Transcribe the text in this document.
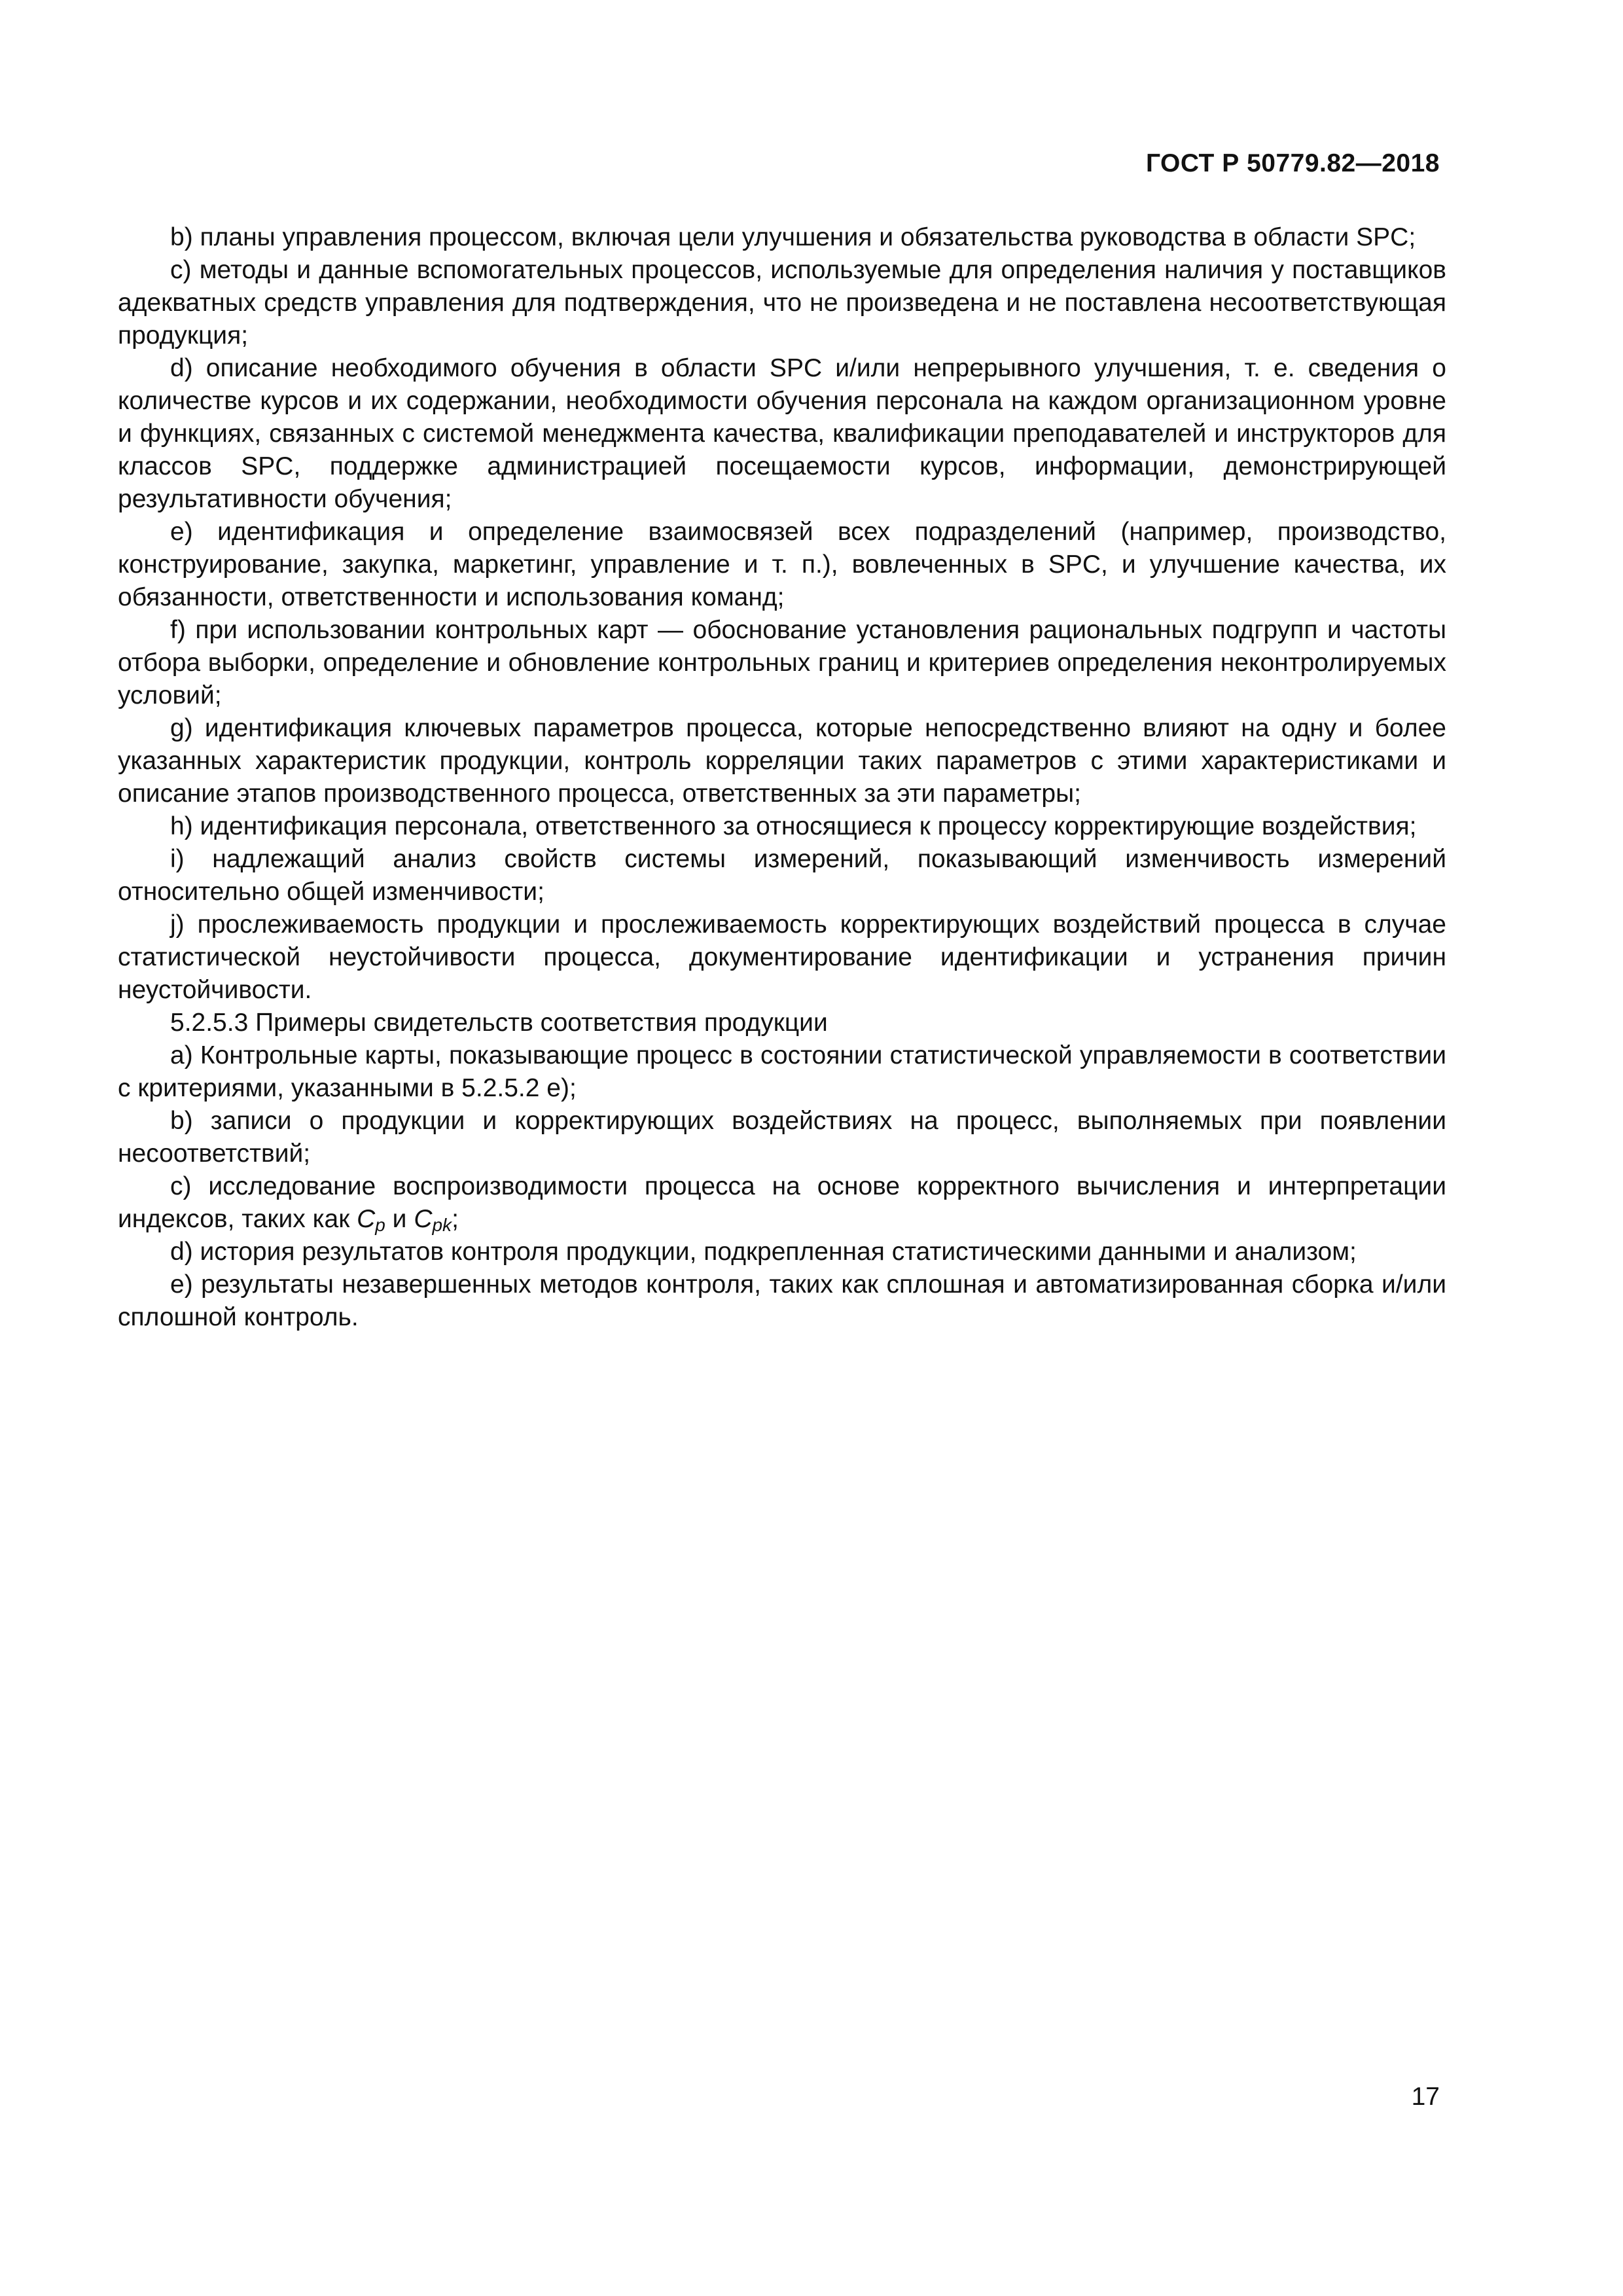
ГОСТ Р 50779.82—2018

b) планы управления процессом, включая цели улучшения и обязательства руководства в области SPC;

c) методы и данные вспомогательных процессов, используемые для определения наличия у поставщиков адекватных средств управления для подтверждения, что не произведена и не поставлена несоответствующая продукция;

d) описание необходимого обучения в области SPC и/или непрерывного улучшения, т. е. сведения о количестве курсов и их содержании, необходимости обучения персонала на каждом организационном уровне и функциях, связанных с системой менеджмента качества, квалификации преподавателей и инструкторов для классов SPC, поддержке администрацией посещаемости курсов, информации, демонстрирующей результативности обучения;

e) идентификация и определение взаимосвязей всех подразделений (например, производство, конструирование, закупка, маркетинг, управление и т. п.), вовлеченных в SPC, и улучшение качества, их обязанности, ответственности и использования команд;

f) при использовании контрольных карт — обоснование установления рациональных подгрупп и частоты отбора выборки, определение и обновление контрольных границ и критериев определения неконтролируемых условий;

g) идентификация ключевых параметров процесса, которые непосредственно влияют на одну и более указанных характеристик продукции, контроль корреляции таких параметров с этими характеристиками и описание этапов производственного процесса, ответственных за эти параметры;

h) идентификация персонала, ответственного за относящиеся к процессу корректирующие воздействия;

i) надлежащий анализ свойств системы измерений, показывающий изменчивость измерений относительно общей изменчивости;

j) прослеживаемость продукции и прослеживаемость корректирующих воздействий процесса в случае статистической неустойчивости процесса, документирование идентификации и устранения причин неустойчивости.

5.2.5.3 Примеры свидетельств соответствия продукции

a) Контрольные карты, показывающие процесс в состоянии статистической управляемости в соответствии с критериями, указанными в 5.2.5.2 e);

b) записи о продукции и корректирующих воздействиях на процесс, выполняемых при появлении несоответствий;

c) исследование воспроизводимости процесса на основе корректного вычисления и интерпретации индексов, таких как $C_p$ и $C_{pk}$;

d) история результатов контроля продукции, подкрепленная статистическими данными и анализом;

e) результаты незавершенных методов контроля, таких как сплошная и автоматизированная сборка и/или сплошной контроль.

17
